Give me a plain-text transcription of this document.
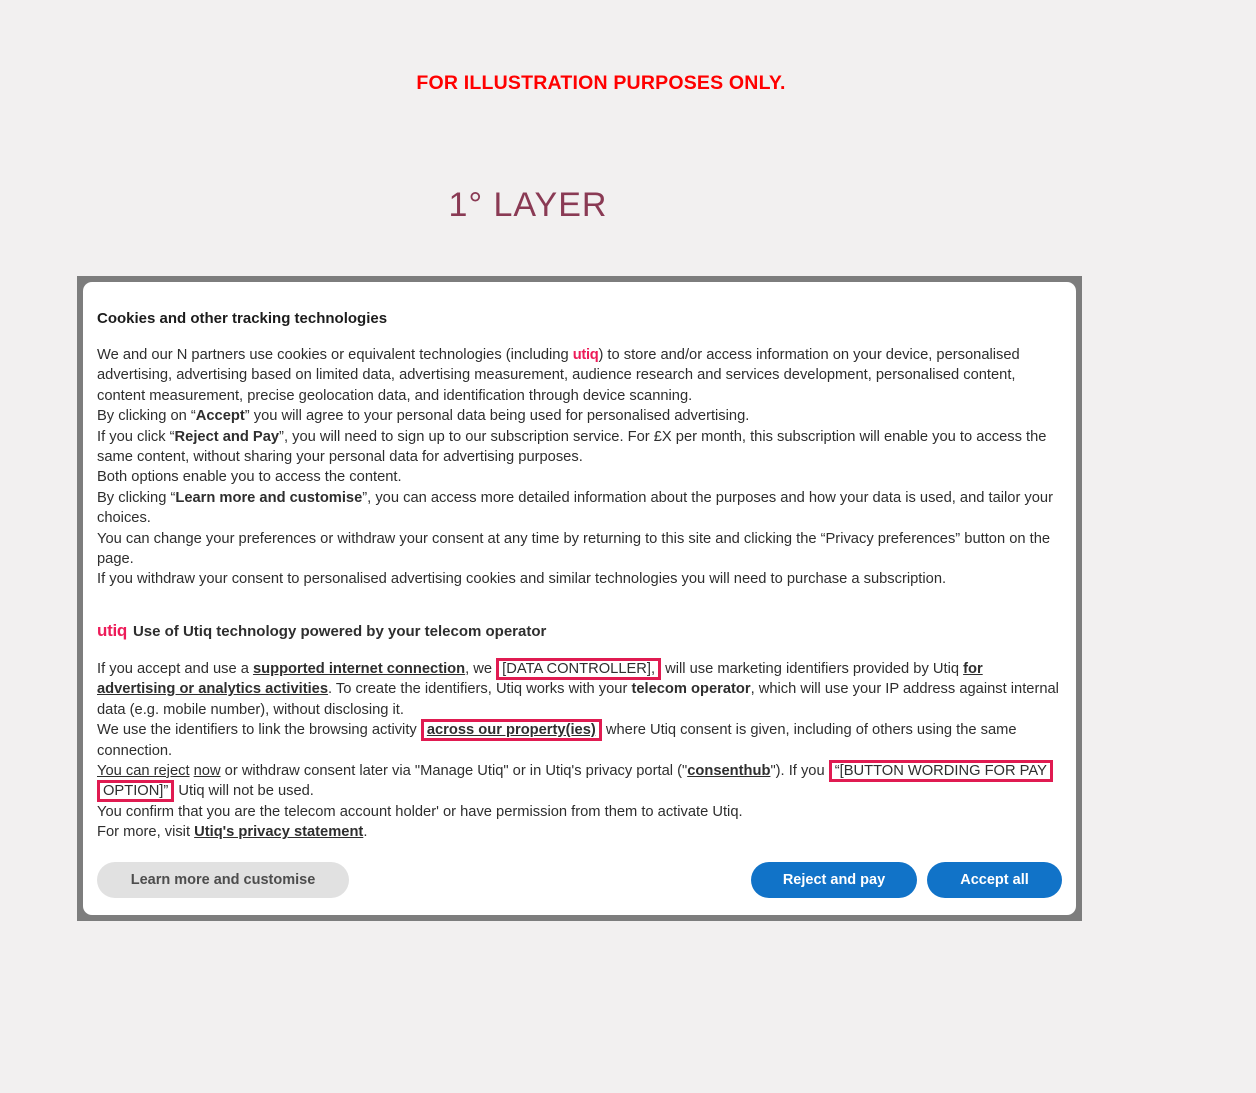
FOR ILLUSTRATION PURPOSES ONLY.
1° LAYER
Cookies and other tracking technologies

We and our N partners use cookies or equivalent technologies (including utiq) to store and/or access information on your device, personalised advertising, advertising based on limited data, advertising measurement, audience research and services development, personalised content, content measurement, precise geolocation data, and identification through device scanning.

By clicking on “Accept” you will agree to your personal data being used for personalised advertising.

If you click “Reject and Pay”, you will need to sign up to our subscription service. For £X per month, this subscription will enable you to access the same content, without sharing your personal data for advertising purposes.

Both options enable you to access the content.

By clicking “Learn more and customise”, you can access more detailed information about the purposes and how your data is used, and tailor your choices.

You can change your preferences or withdraw your consent at any time by returning to this site and clicking the “Privacy preferences” button on the page.

If you withdraw your consent to personalised advertising cookies and similar technologies you will need to purchase a subscription.

utiq Use of Utiq technology powered by your telecom operator

If you accept and use a supported internet connection, we [DATA CONTROLLER], will use marketing identifiers provided by Utiq for advertising or analytics activities. To create the identifiers, Utiq works with your telecom operator, which will use your IP address against internal data (e.g. mobile number), without disclosing it.

We use the identifiers to link the browsing activity across our property(ies) where Utiq consent is given, including of others using the same connection.

You can reject now or withdraw consent later via "Manage Utiq" or in Utiq's privacy portal ("consenthub"). If you “[BUTTON WORDING FOR PAY OPTION]” Utiq will not be used.

You confirm that you are the telecom account holder' or have permission from them to activate Utiq.

For more, visit Utiq's privacy statement.

Learn more and customise	Reject and pay	Accept all
